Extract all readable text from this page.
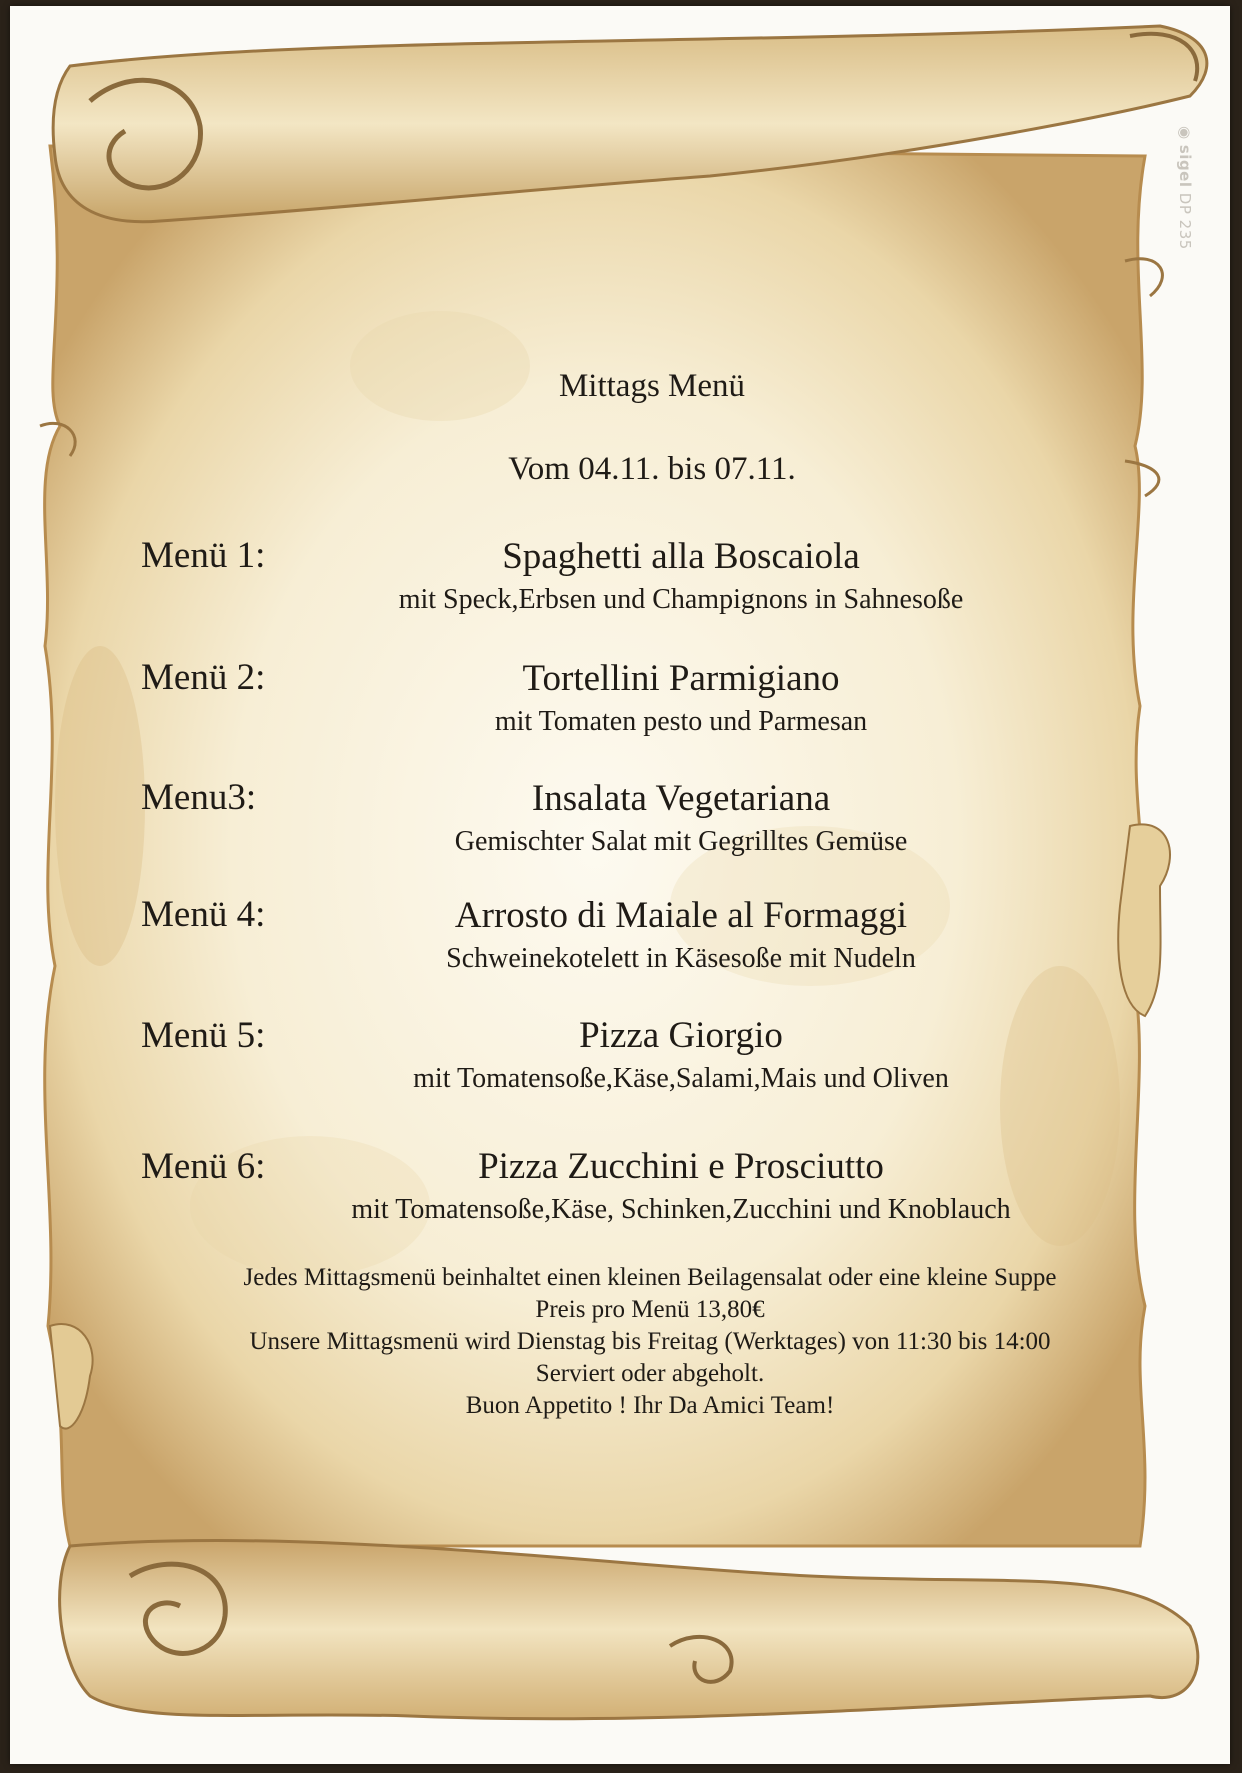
◉ sigel DP 235
Mittags Menü
Vom 04.11. bis 07.11.
Menü 1:	Spaghetti alla Boscaiola
mit Speck,Erbsen und Champignons in Sahnesoße
Menü 2:	Tortellini Parmigiano
mit Tomaten pesto und Parmesan
Menu3:	Insalata Vegetariana
Gemischter Salat mit Gegrilltes Gemüse
Menü 4:	Arrosto di Maiale al Formaggi
Schweinekotelett in Käsesoße mit Nudeln
Menü 5:	Pizza Giorgio
mit Tomatensoße,Käse,Salami,Mais und Oliven
Menü 6:	Pizza Zucchini e Prosciutto
mit Tomatensoße,Käse, Schinken,Zucchini und Knoblauch
Jedes Mittagsmenü beinhaltet einen kleinen Beilagensalat oder eine kleine Suppe
Preis pro Menü 13,80€
Unsere Mittagsmenü wird Dienstag bis Freitag (Werktages) von 11:30 bis 14:00
Serviert oder abgeholt.
Buon Appetito ! Ihr Da Amici Team!
